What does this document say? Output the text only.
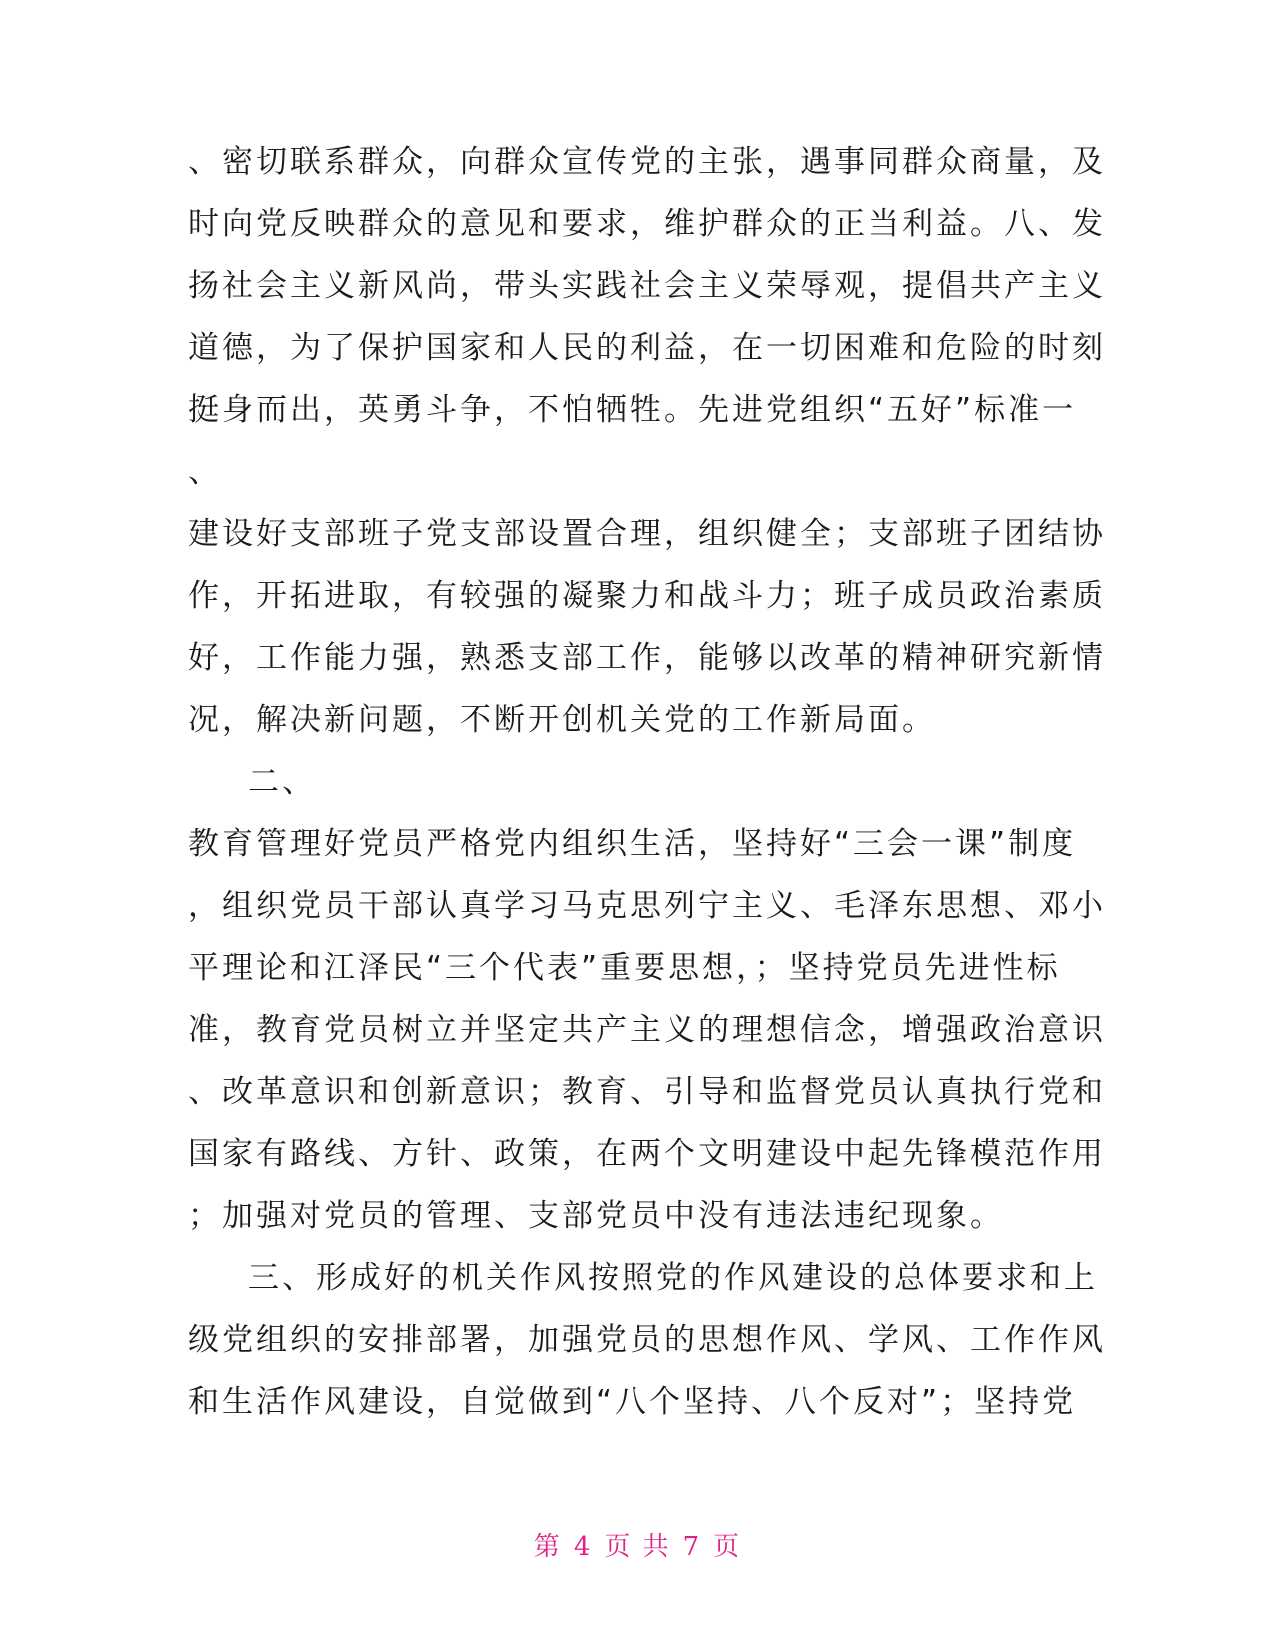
、密切联系群众，向群众宣传党的主张，遇事同群众商量，及
时向党反映群众的意见和要求，维护群众的正当利益。八、发
扬社会主义新风尚，带头实践社会主义荣辱观，提倡共产主义
道德，为了保护国家和人民的利益，在一切困难和危险的时刻
挺身而出，英勇斗争，不怕牺牲。先进党组织“五好”标准一
、
建设好支部班子党支部设置合理，组织健全；支部班子团结协
作，开拓进取，有较强的凝聚力和战斗力；班子成员政治素质
好，工作能力强，熟悉支部工作，能够以改革的精神研究新情
况，解决新问题，不断开创机关党的工作新局面。
二、
教育管理好党员严格党内组织生活，坚持好“三会一课”制度
，组织党员干部认真学习马克思列宁主义、毛泽东思想、邓小
平理论和江泽民“三个代表”重要思想，；坚持党员先进性标
准，教育党员树立并坚定共产主义的理想信念，增强政治意识
、改革意识和创新意识；教育、引导和监督党员认真执行党和
国家有路线、方针、政策，在两个文明建设中起先锋模范作用
；加强对党员的管理、支部党员中没有违法违纪现象。
三、形成好的机关作风按照党的作风建设的总体要求和上
级党组织的安排部署，加强党员的思想作风、学风、工作作风
和生活作风建设，自觉做到“八个坚持、八个反对”；坚持党
第 4 页 共 7 页
